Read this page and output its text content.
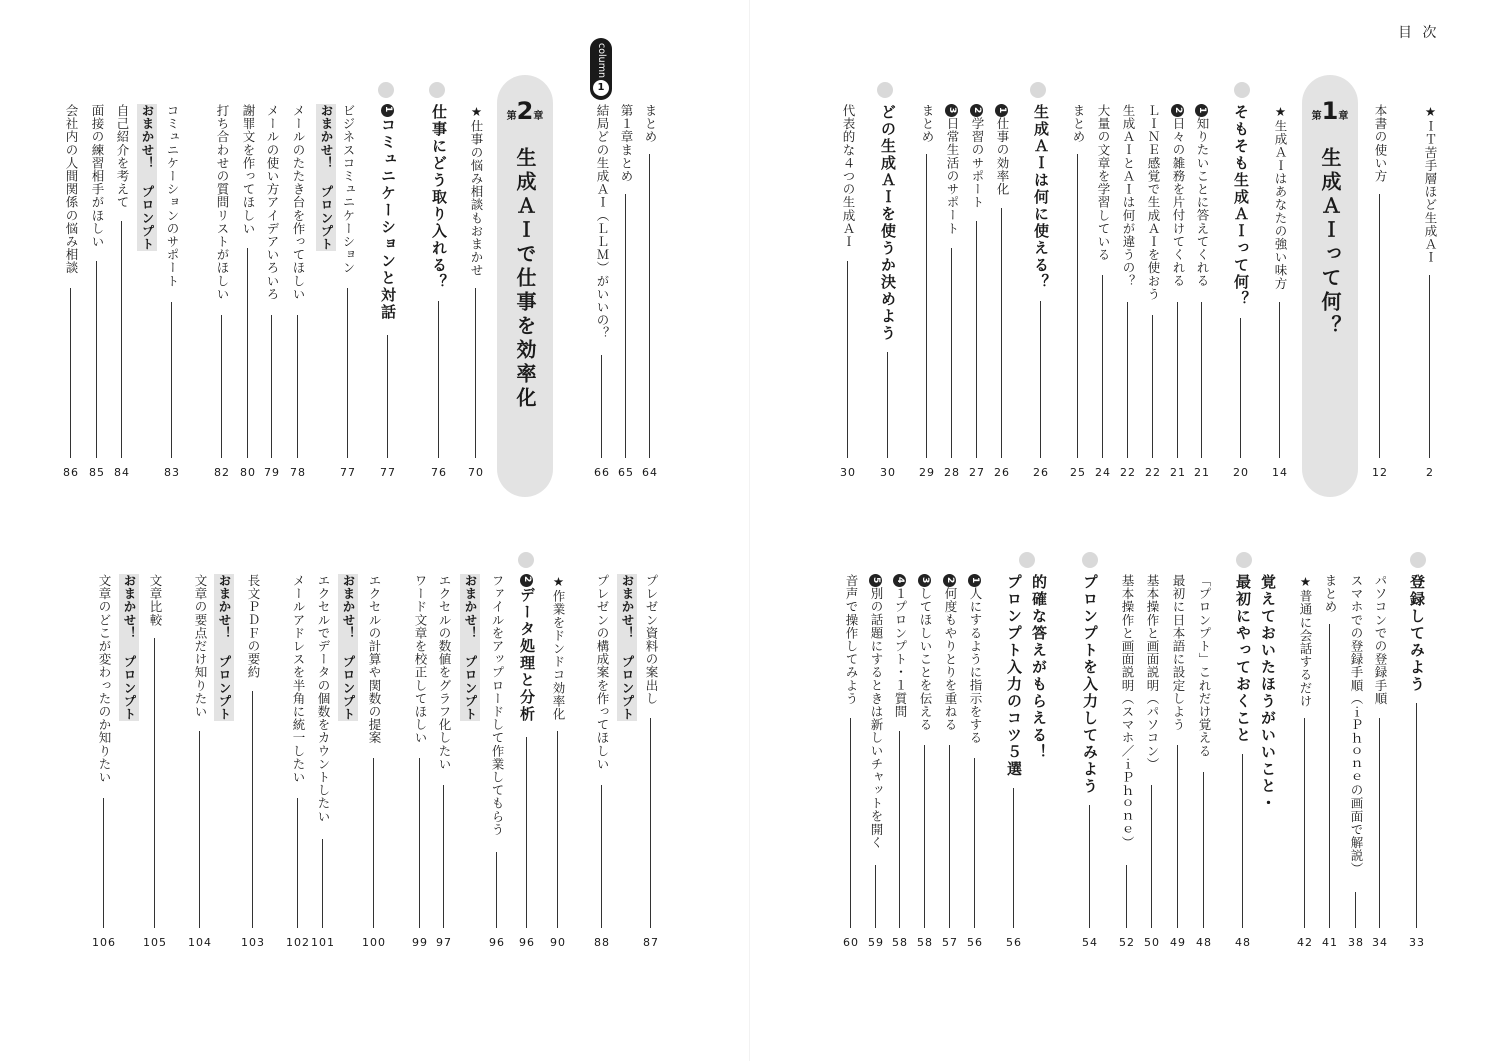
目 次
第1章
生成ＡＩって何？
第2章
生成ＡＩで仕事を効率化
column
1
★ＩＴ苦手層ほど生成ＡＩ
2
本書の使い方
12
★生成ＡＩはあなたの強い味方
14
そもそも生成ＡＩって何？
20
1知りたいことに答えてくれる
21
2日々の雑務を片付けてくれる
21
ＬＩＮＥ感覚で生成ＡＩを使おう
22
生成ＡＩとＡＩは何が違うの？
22
大量の文章を学習している
24
まとめ
25
生成ＡＩは何に使える？
26
1仕事の効率化
26
2学習のサポート
27
3日常生活のサポート
28
まとめ
29
どの生成ＡＩを使うか決めよう
30
代表的な４つの生成ＡＩ
30
まとめ
64
第１章まとめ
65
結局どの生成ＡＩ（ＬＬＭ）がいいの？
66
★仕事の悩み相談もおまかせ
70
仕事にどう取り入れる？
76
1コミュニケーションと対話
77
ビジネスコミュニケーション
77
おまかせ！ プロンプト
メールのたたき台を作ってほしい
78
メールの使い方アイデアいろいろ
79
謝罪文を作ってほしい
80
打ち合わせの質問リストがほしい
82
コミュニケーションのサポート
83
おまかせ！ プロンプト
自己紹介を考えて
84
面接の練習相手がほしい
85
会社内の人間関係の悩み相談
86
登録してみよう
33
パソコンでの登録手順
34
スマホでの登録手順（ｉＰｈｏｎｅの画面で解説）
38
まとめ
41
★普通に会話するだけ
42
覚えておいたほうがいいこと・
最初にやっておくこと
48
「プロンプト」これだけ覚える
48
最初に日本語に設定しよう
49
基本操作と画面説明（パソコン）
50
基本操作と画面説明（スマホ／ｉＰｈｏｎｅ）
52
プロンプトを入力してみよう
54
的確な答えがもらえる！
プロンプト入力のコツ５選
56
1人にするように指示をする
56
2何度もやりとりを重ねる
57
3してほしいことを伝える
58
4１プロンプト・１質問
58
5別の話題にするときは新しいチャットを開く
59
音声で操作してみよう
60
プレゼン資料の案出し
87
おまかせ！ プロンプト
プレゼンの構成案を作ってほしい
88
★作業をドンドコ効率化
90
2データ処理と分析
96
ファイルをアップロードして作業してもらう
96
おまかせ！ プロンプト
エクセルの数値をグラフ化したい
97
ワード文章を校正してほしい
99
エクセルの計算や関数の提案
100
おまかせ！ プロンプト
エクセルでデータの個数をカウントしたい
101
メールアドレスを半角に統一したい
102
長文ＰＤＦの要約
103
おまかせ！ プロンプト
文章の要点だけ知りたい
104
文章比較
105
おまかせ！ プロンプト
文章のどこが変わったのか知りたい
106
